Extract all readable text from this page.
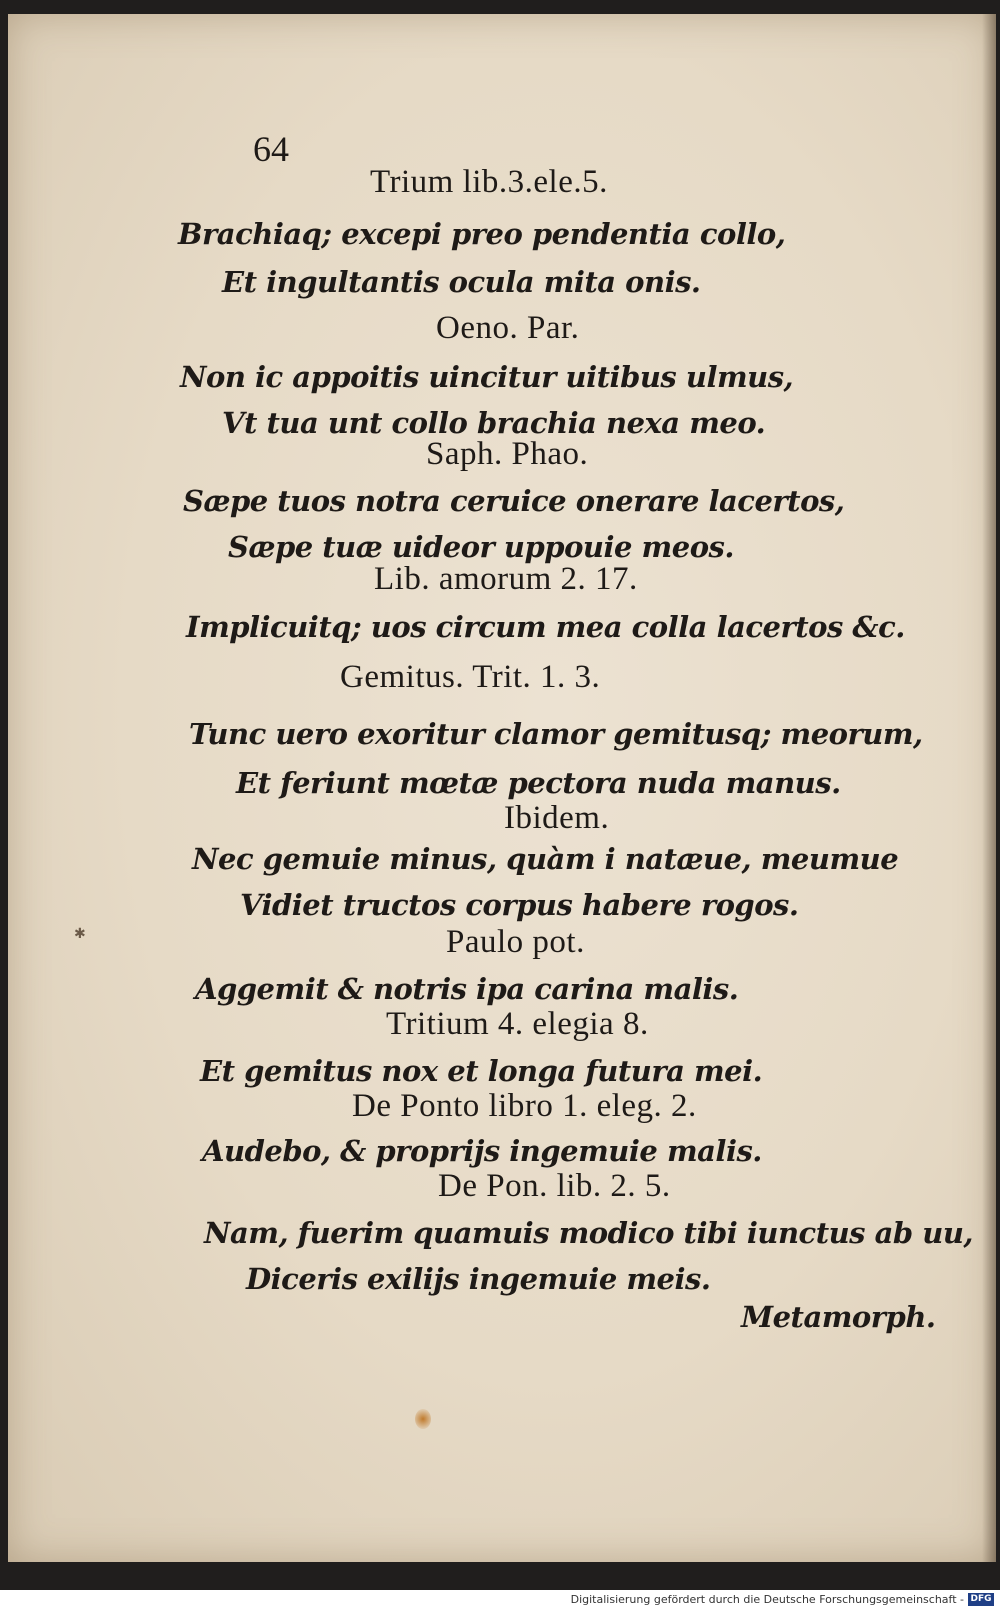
✱
64
Trium lib.3.ele.5.
Brachiaq; excepi preo pendentia collo,
Et ingultantis ocula mita onis.
Oeno. Par.
Non ic appoitis uincitur uitibus ulmus,
Vt tua unt collo brachia nexa meo.
Saph. Phao.
Sæpe tuos notra ceruice onerare lacertos,
Sæpe tuæ uideor uppouie meos.
Lib. amorum 2. 17.
Implicuitq; uos circum mea colla lacertos &c.
Gemitus. Trit. 1. 3.
Tunc uero exoritur clamor gemitusq; meorum,
Et feriunt mœtæ pectora nuda manus.
Ibidem.
Nec gemuie minus, quàm i natæue, meumue
Vidiet tructos corpus habere rogos.
Paulo pot.
Aggemit & notris ipa carina malis.
Tritium 4. elegia 8.
Et gemitus nox et longa futura mei.
De Ponto libro 1. eleg. 2.
Audebo, & proprijs ingemuie malis.
De Pon. lib. 2. 5.
Nam, fuerim quamuis modico tibi iunctus ab uu,
Diceris exilijs ingemuie meis.
Metamorph.
Digitalisierung gefördert durch die Deutsche Forschungsgemeinschaft - DFG
